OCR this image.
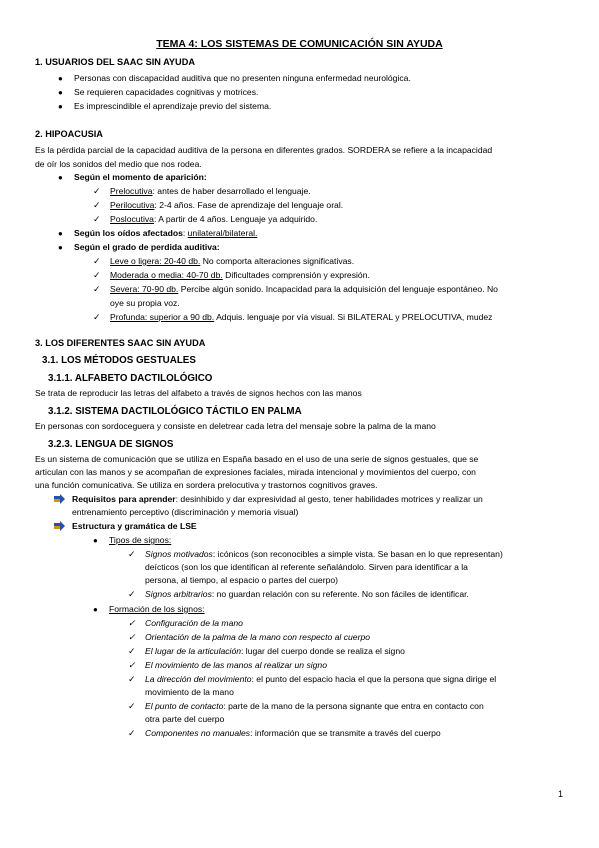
TEMA 4: LOS SISTEMAS DE COMUNICACIÓN SIN AYUDA
1. USUARIOS DEL SAAC SIN AYUDA
● Personas con discapacidad auditiva que no presenten ninguna enfermedad neurológica.
● Se requieren capacidades cognitivas y motrices.
● Es imprescindible el aprendizaje previo del sistema.
2. HIPOACUSIA
Es la pérdida parcial de la capacidad auditiva de la persona en diferentes grados. SORDERA se refiere a la incapacidad
de oír los sonidos del medio que nos rodea.
● Según el momento de aparición:
✓ Prelocutiva: antes de haber desarrollado el lenguaje.
✓ Perilocutiva: 2-4 años. Fase de aprendizaje del lenguaje oral.
✓ Poslocutiva: A partir de 4 años. Lenguaje ya adquirido.
● Según los oídos afectados: unilateral/bilateral.
● Según el grado de perdida auditiva:
✓ Leve o ligera: 20-40 db. No comporta alteraciones significativas.
✓ Moderada o media: 40-70 db. Dificultades comprensión y expresión.
✓ Severa: 70-90 db. Percibe algún sonido. Incapacidad para la adquisición del lenguaje espontáneo. No
oye su propia voz.
✓ Profunda: superior a 90 db. Adquis. lenguaje por vía visual. Si BILATERAL y PRELOCUTIVA, mudez
3. LOS DIFERENTES SAAC SIN AYUDA
3.1. LOS MÉTODOS GESTUALES
3.1.1. ALFABETO DACTILOLÓGICO
Se trata de reproducir las letras del alfabeto a través de signos hechos con las manos
3.1.2. SISTEMA DACTILOLÓGICO TÁCTILO EN PALMA
En personas con sordoceguera y consiste en deletrear cada letra del mensaje sobre la palma de la mano
3.2.3. LENGUA DE SIGNOS
Es un sistema de comunicación que se utiliza en España basado en el uso de una serie de signos gestuales, que se
articulan con las manos y se acompañan de expresiones faciales, mirada intencional y movimientos del cuerpo, con
una función comunicativa. Se utiliza en sordera prelocutiva y trastornos cognitivos graves.
Requisitos para aprender: desinhibido y dar expresividad al gesto, tener habilidades motrices y realizar un
entrenamiento perceptivo (discriminación y memoria visual)
Estructura y gramática de LSE
● Tipos de signos:
✓ Signos motivados: icónicos (son reconocibles a simple vista. Se basan en lo que representan)
deícticos (son los que identifican al referente señalándolo. Sirven para identificar a la
persona, al tiempo, al espacio o partes del cuerpo)
✓ Signos arbitrarios: no guardan relación con su referente. No son fáciles de identificar.
● Formación de los signos:
✓ Configuración de la mano
✓ Orientación de la palma de la mano con respecto al cuerpo
✓ El lugar de la articulación: lugar del cuerpo donde se realiza el signo
✓ El movimiento de las manos al realizar un signo
✓ La dirección del movimiento: el punto del espacio hacia el que la persona que signa dirige el
movimiento de la mano
✓ El punto de contacto: parte de la mano de la persona signante que entra en contacto con
otra parte del cuerpo
✓ Componentes no manuales: información que se transmite a través del cuerpo
1
